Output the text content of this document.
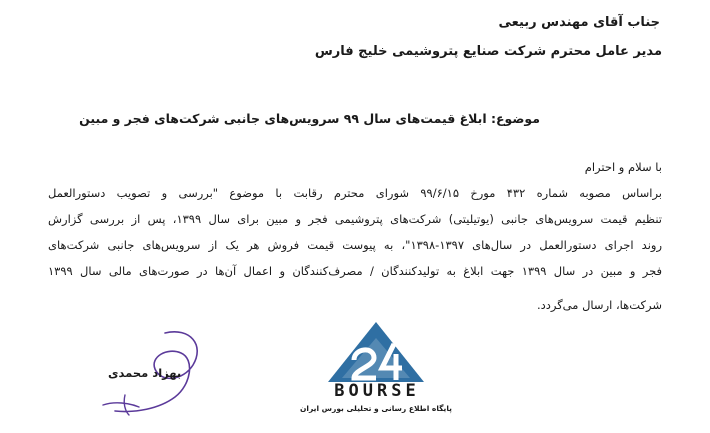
جناب آقای مهندس ربیعی
مدیر عامل محترم شرکت صنایع پتروشیمی خلیج فارس
موضوع: ابلاغ قیمت‌های سال ۹۹ سرویس‌های جانبی شرکت‌های فجر و مبین
با سلام و احترام
براساس مصوبه شماره ۴۳۲ مورخ ۹۹/۶/۱۵ شورای محترم رقابت با موضوع "بررسی و تصویب دستورالعمل
تنظیم قیمت سرویس‌های جانبی (یوتیلیتی) شرکت‌های پتروشیمی فجر و مبین برای سال ۱۳۹۹، پس از بررسی گزارش
روند اجرای دستورالعمل در سال‌های ۱۳۹۷-۱۳۹۸"، به پیوست قیمت فروش هر یک از سرویس‌های جانبی شرکت‌های
فجر و مبین در سال ۱۳۹۹ جهت ابلاغ به تولیدکنندگان / مصرف‌کنندگان و اعمال آن‌ها در صورت‌های مالی سال ۱۳۹۹
شرکت‌ها، ارسال می‌گردد.
بهزاد محمدی
BOURSE
پایگاه اطلاع رسانی و تحلیلی بورس ایران
